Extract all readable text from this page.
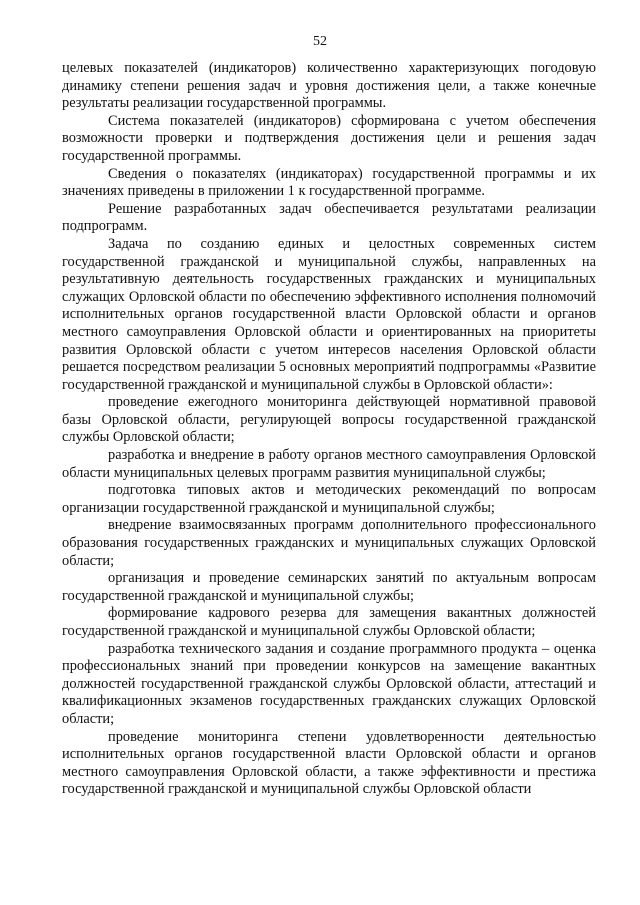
52

целевых показателей (индикаторов) количественно характеризующих погодовую динамику степени решения задач и уровня достижения цели, а также конечные результаты реализации государственной программы.

Система показателей (индикаторов) сформирована с учетом обеспечения возможности проверки и подтверждения достижения цели и решения задач государственной программы.

Сведения о показателях (индикаторах) государственной программы и их значениях приведены в приложении 1 к государственной программе.

Решение разработанных задач обеспечивается результатами реализации подпрограмм.

Задача по созданию единых и целостных современных систем государственной гражданской и муниципальной службы, направленных на результативную деятельность государственных гражданских и муниципальных служащих Орловской области по обеспечению эффективного исполнения полномочий исполнительных органов государственной власти Орловской области и органов местного самоуправления Орловской области и ориентированных на приоритеты развития Орловской области с учетом интересов населения Орловской области решается посредством реализации 5 основных мероприятий подпрограммы «Развитие государственной гражданской и муниципальной службы в Орловской области»:

проведение ежегодного мониторинга действующей нормативной правовой базы Орловской области, регулирующей вопросы государственной гражданской службы Орловской области;

разработка и внедрение в работу органов местного самоуправления Орловской области муниципальных целевых программ развития муниципальной службы;

подготовка типовых актов и методических рекомендаций по вопросам организации государственной гражданской и муниципальной службы;

внедрение взаимосвязанных программ дополнительного профессионального образования государственных гражданских и муниципальных служащих Орловской области;

организация и проведение семинарских занятий по актуальным вопросам государственной гражданской и муниципальной службы;

формирование кадрового резерва для замещения вакантных должностей государственной гражданской и муниципальной службы Орловской области;

разработка технического задания и создание программного продукта – оценка профессиональных знаний при проведении конкурсов на замещение вакантных должностей государственной гражданской службы Орловской области, аттестаций и квалификационных экзаменов государственных гражданских служащих Орловской области;

проведение мониторинга степени удовлетворенности деятельностью исполнительных органов государственной власти Орловской области и органов местного самоуправления Орловской области, а также эффективности и престижа государственной гражданской и муниципальной службы Орловской области
